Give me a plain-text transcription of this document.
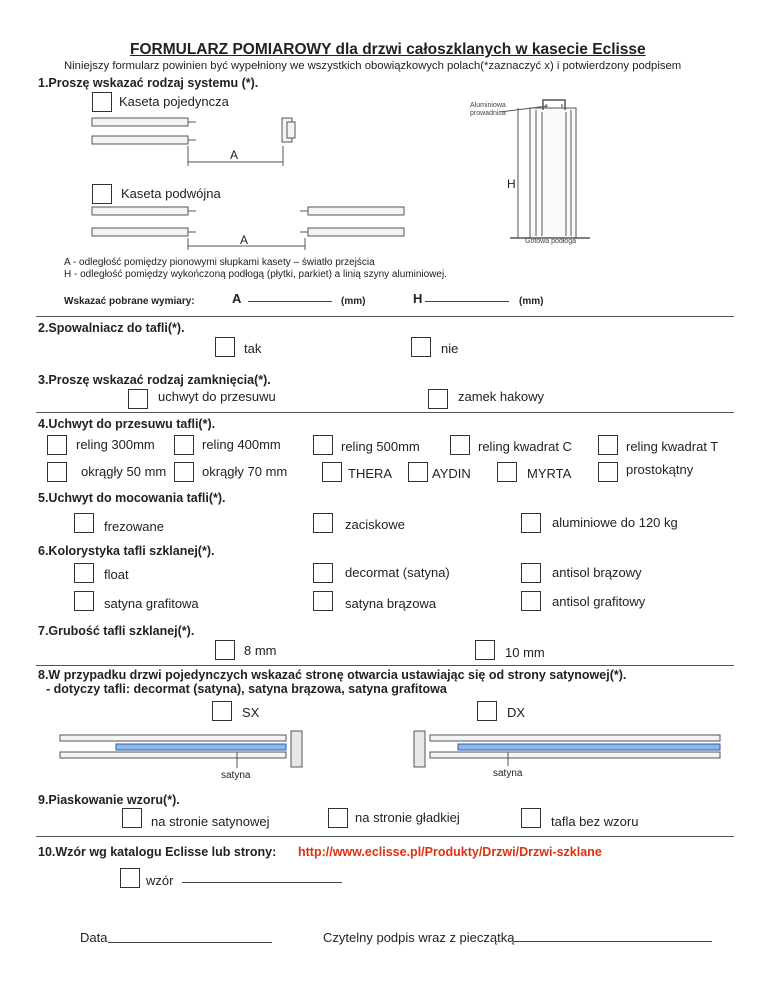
FORMULARZ POMIAROWY dla drzwi całoszklanych w kasecie Eclisse
Niniejszy formularz powinien być wypełniony we wszystkich obowiązkowych polach(*zaznaczyć x) i potwierdzony podpisem
1.Proszę wskazać rodzaj systemu (*).
Kaseta pojedyncza
Kaseta podwójna
Aluminiowa
prowadnica
A
H
A	Gotowa podłoga
A - odległość pomiędzy pionowymi słupkami kasety – światło przejścia
H - odległość pomiędzy wykończoną podłogą (płytki, parkiet) a linią szyny aluminiowej.
Wskazać pobrane wymiary:	A	(mm)	H	(mm)
2.Spowalniacz do tafli(*).
tak	nie
3.Proszę wskazać rodzaj zamknięcia(*).
uchwyt do przesuwu	zamek hakowy
4.Uchwyt do przesuwu tafli(*).
reling 300mm	reling 400mm	reling 500mm	reling kwadrat C	reling kwadrat T
okrągły 50 mm	okrągły 70 mm	THERA	AYDIN	MYRTA	prostokątny
5.Uchwyt do mocowania tafli(*).
frezowane	zaciskowe	aluminiowe do 120 kg
6.Kolorystyka tafli szklanej(*).
float	decormat (satyna)	antisol brązowy
satyna grafitowa	satyna brązowa	antisol grafitowy
7.Grubość tafli szklanej(*).
8 mm	10 mm
8.W przypadku drzwi pojedynczych wskazać stronę otwarcia ustawiając się od strony satynowej(*).
- dotyczy tafli: decormat (satyna), satyna brązowa, satyna grafitowa
SX	DX
satyna	satyna
9.Piaskowanie wzoru(*).
na stronie satynowej	na stronie gładkiej	tafla bez wzoru
10.Wzór wg katalogu Eclisse lub strony: http://www.eclisse.pl/Produkty/Drzwi/Drzwi-szklane
wzór
Data	Czytelny podpis wraz z pieczątką
